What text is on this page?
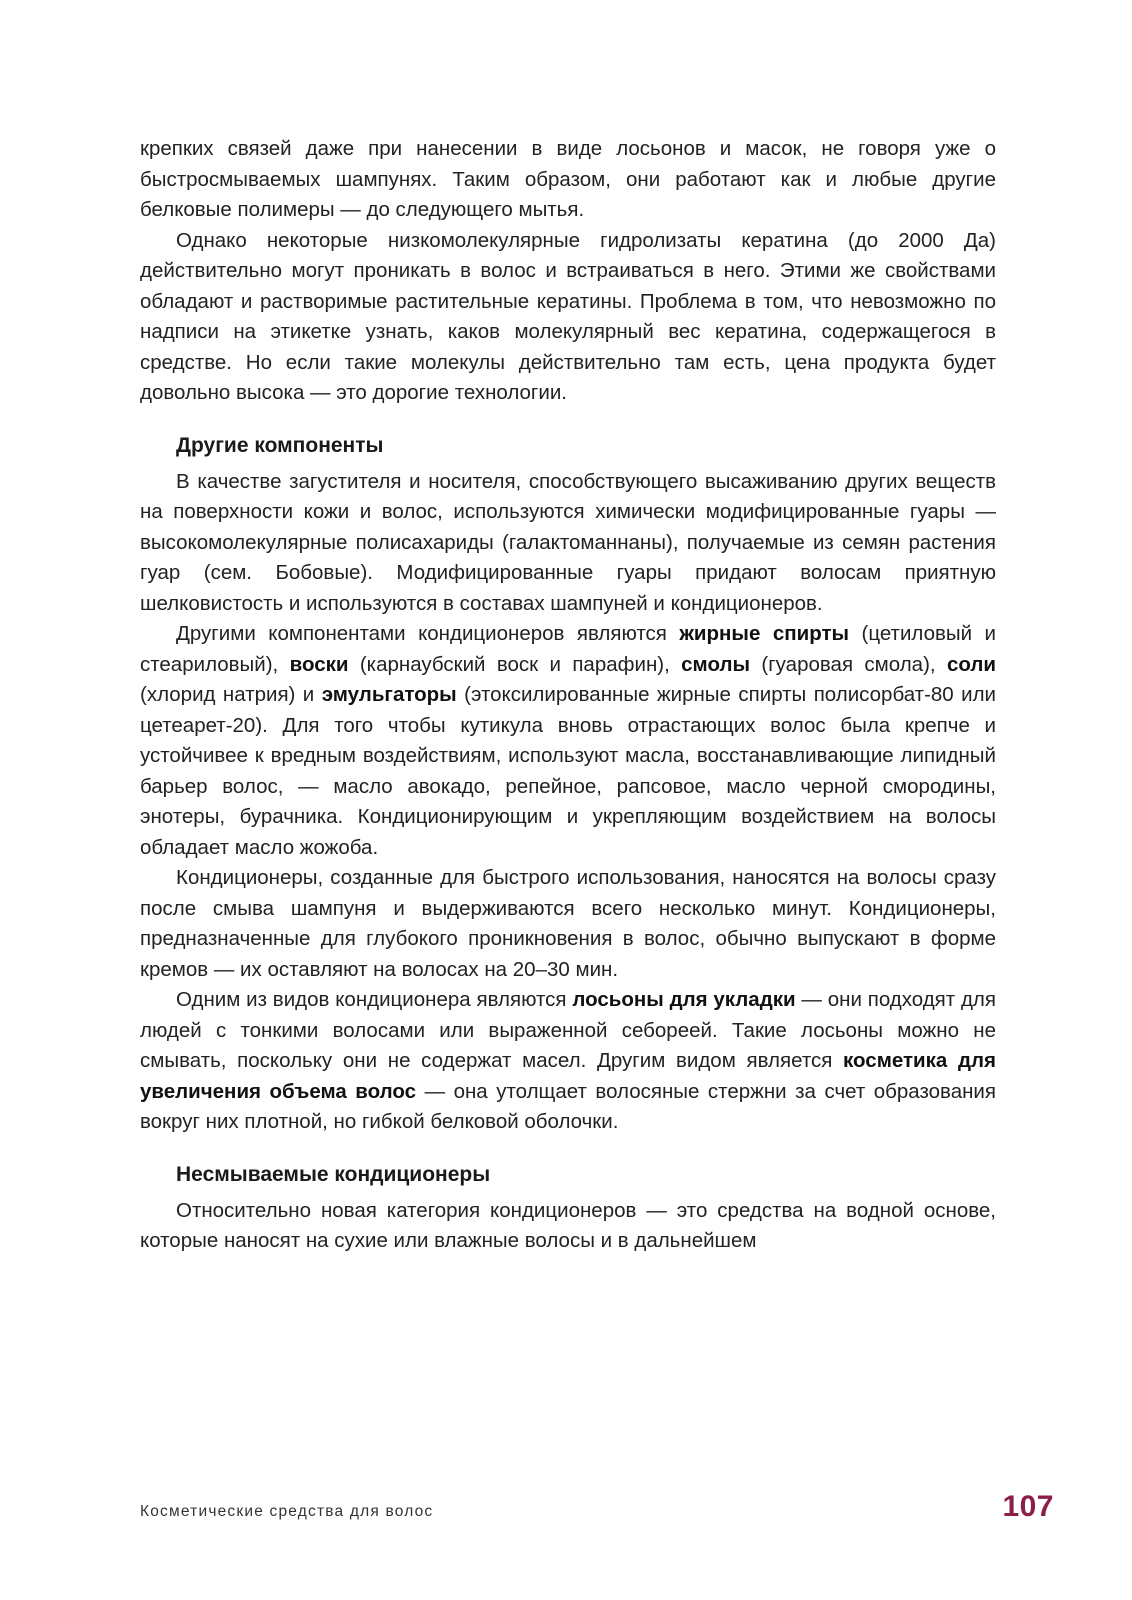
крепких связей даже при нанесении в виде лосьонов и масок, не говоря уже о быстросмываемых шампунях. Таким образом, они работают как и любые другие белковые полимеры — до следующего мытья.

Однако некоторые низкомолекулярные гидролизаты кератина (до 2000 Да) действительно могут проникать в волос и встраиваться в него. Этими же свойствами обладают и растворимые растительные кератины. Проблема в том, что невозможно по надписи на этикетке узнать, каков молекулярный вес кератина, содержащегося в средстве. Но если такие молекулы действительно там есть, цена продукта будет довольно высока — это дорогие технологии.

Другие компоненты

В качестве загустителя и носителя, способствующего высаживанию других веществ на поверхности кожи и волос, используются химически модифицированные гуары — высокомолекулярные полисахариды (галактоманнаны), получаемые из семян растения гуар (сем. Бобовые). Модифицированные гуары придают волосам приятную шелковистость и используются в составах шампуней и кондиционеров.

Другими компонентами кондиционеров являются жирные спирты (цетиловый и стеариловый), воски (карнаубский воск и парафин), смолы (гуаровая смола), соли (хлорид натрия) и эмульгаторы (этоксилированные жирные спирты полисорбат-80 или цетеарет-20). Для того чтобы кутикула вновь отрастающих волос была крепче и устойчивее к вредным воздействиям, используют масла, восстанавливающие липидный барьер волос, — масло авокадо, репейное, рапсовое, масло черной смородины, энотеры, бурачника. Кондиционирующим и укрепляющим воздействием на волосы обладает масло жожоба.

Кондиционеры, созданные для быстрого использования, наносятся на волосы сразу после смыва шампуня и выдерживаются всего несколько минут. Кондиционеры, предназначенные для глубокого проникновения в волос, обычно выпускают в форме кремов — их оставляют на волосах на 20–30 мин.

Одним из видов кондиционера являются лосьоны для укладки — они подходят для людей с тонкими волосами или выраженной себореей. Такие лосьоны можно не смывать, поскольку они не содержат масел. Другим видом является косметика для увеличения объема волос — она утолщает волосяные стержни за счет образования вокруг них плотной, но гибкой белковой оболочки.

Несмываемые кондиционеры

Относительно новая категория кондиционеров — это средства на водной основе, которые наносят на сухие или влажные волосы и в дальнейшем

Косметические средства для волос	107
